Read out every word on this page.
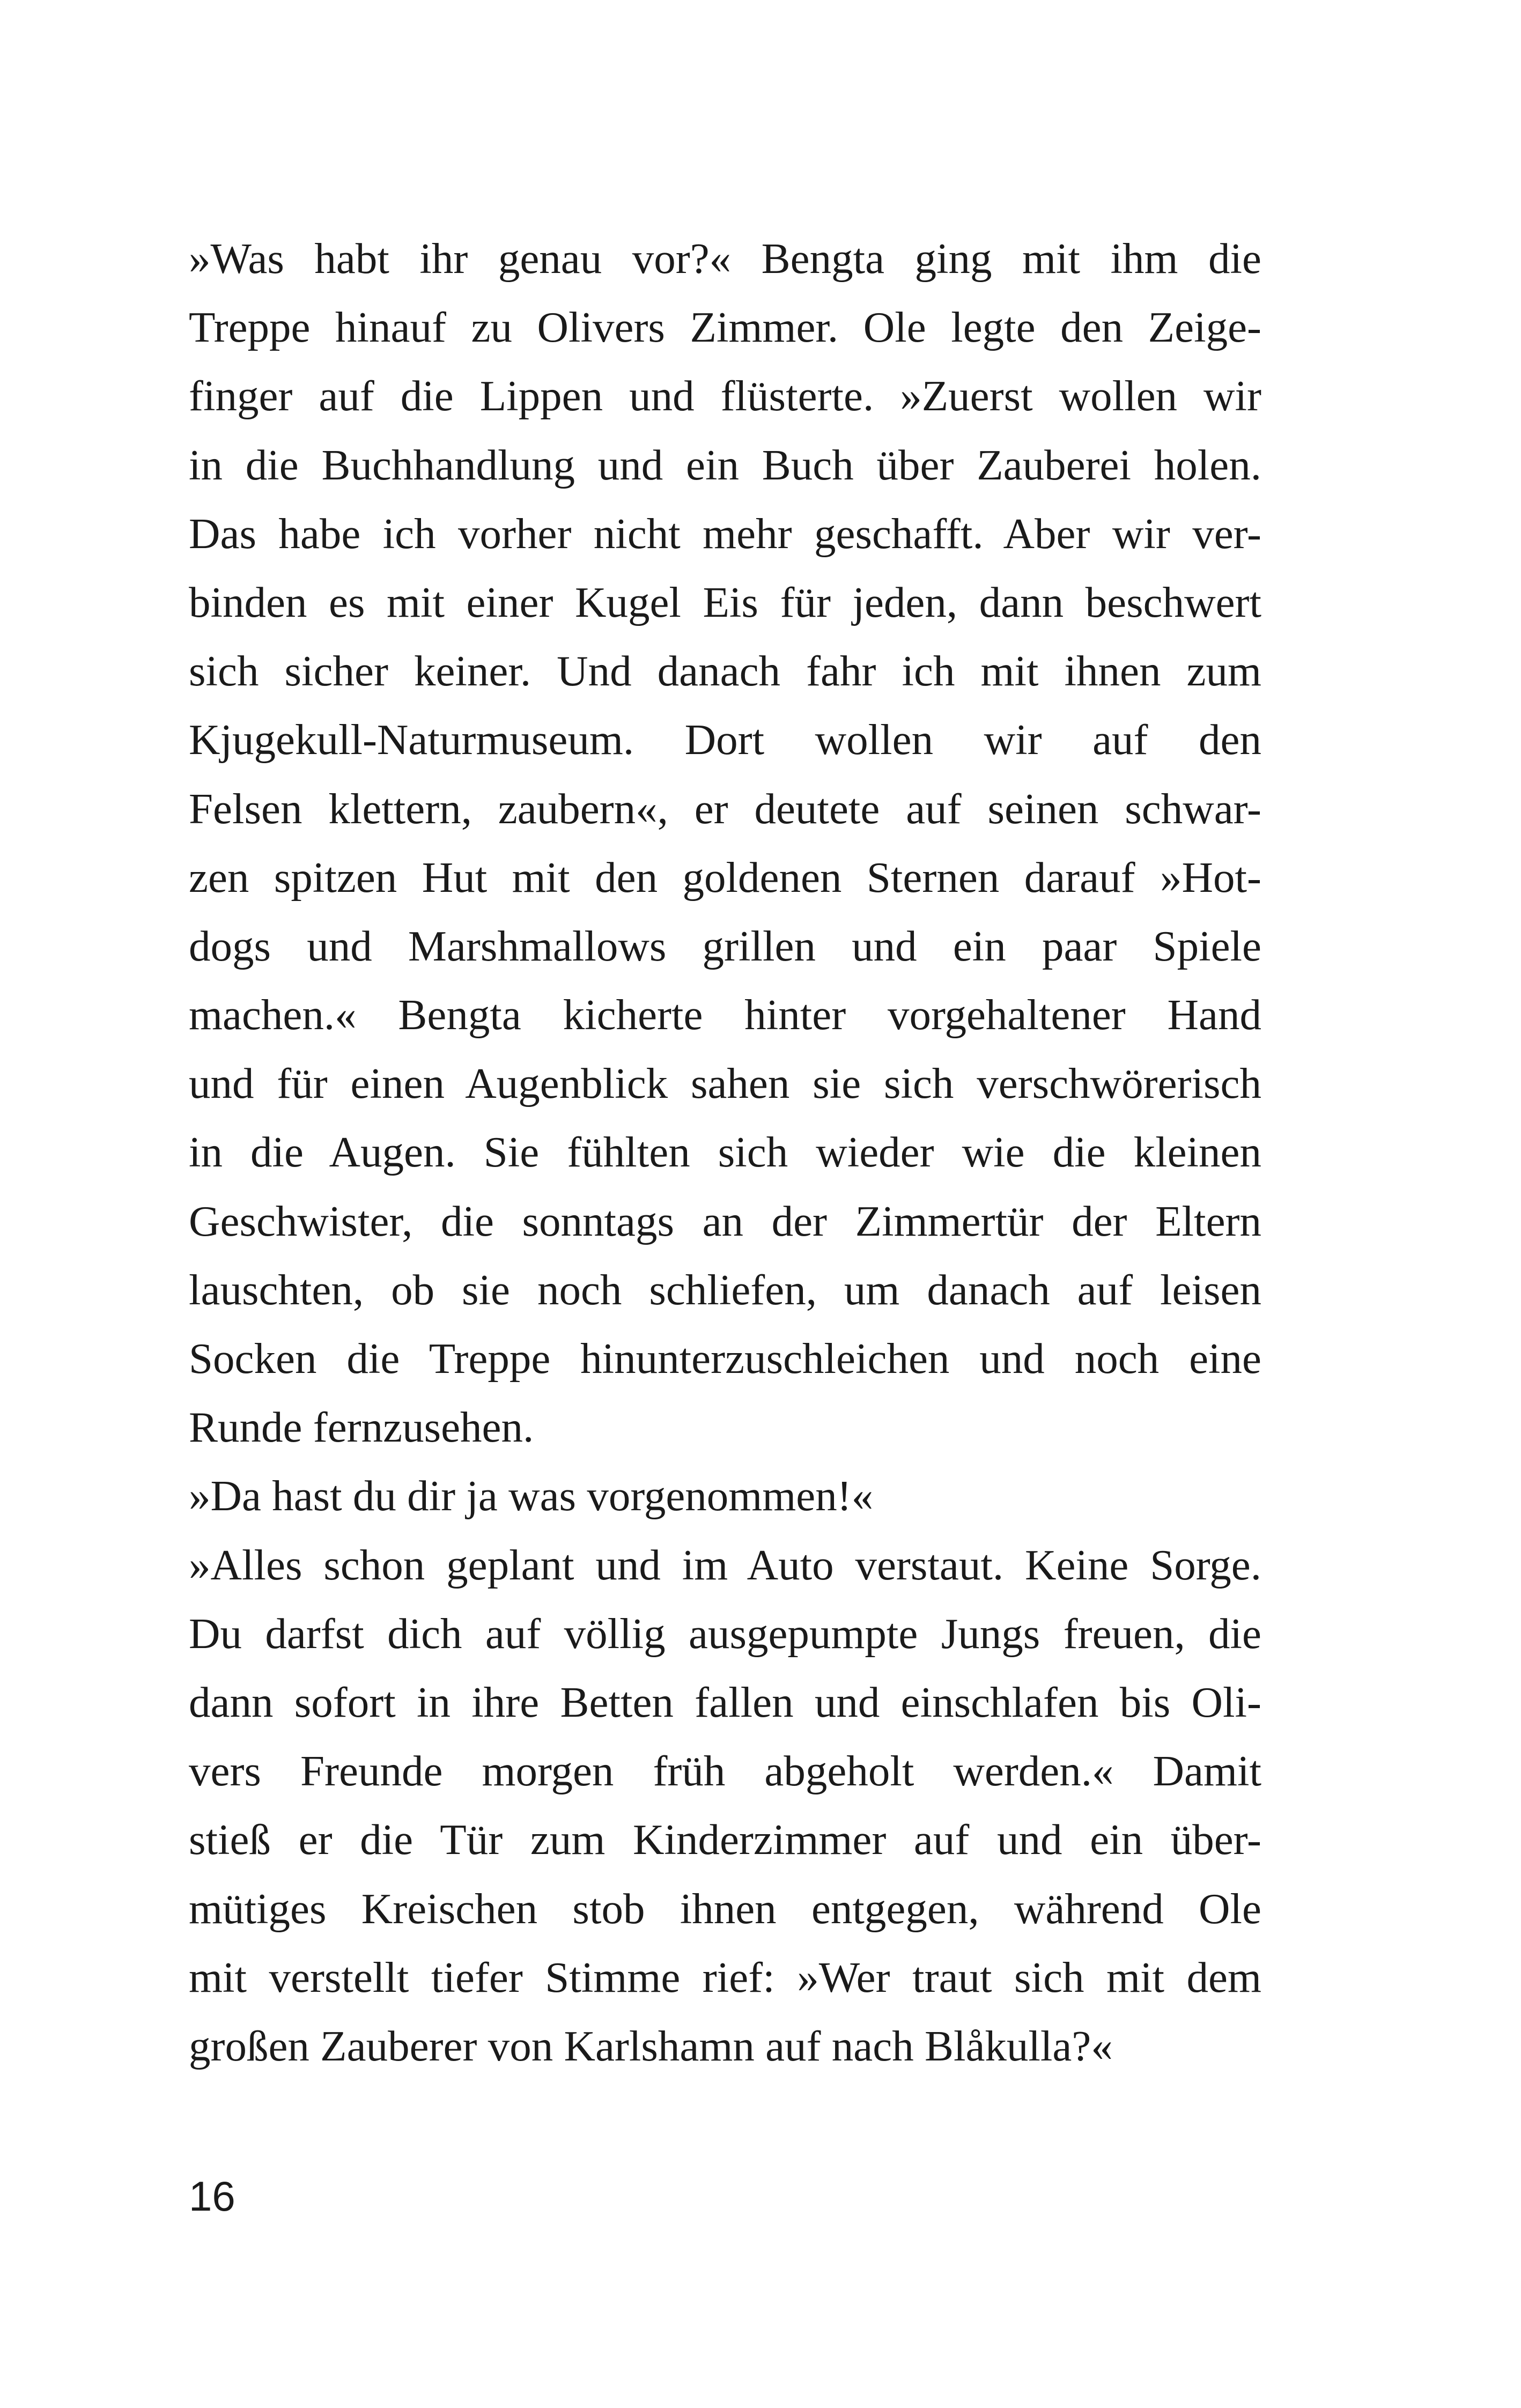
»Was habt ihr genau vor?« Bengta ging mit ihm die
Treppe hinauf zu Olivers Zimmer. Ole legte den Zeige-
finger auf die Lippen und flüsterte. »Zuerst wollen wir
in die Buchhandlung und ein Buch über Zauberei holen.
Das habe ich vorher nicht mehr geschafft. Aber wir ver-
binden es mit einer Kugel Eis für jeden, dann beschwert
sich sicher keiner. Und danach fahr ich mit ihnen zum
Kjugekull-Naturmuseum. Dort wollen wir auf den
Felsen klettern, zaubern«, er deutete auf seinen schwar-
zen spitzen Hut mit den goldenen Sternen darauf »Hot-
dogs und Marshmallows grillen und ein paar Spiele
machen.« Bengta kicherte hinter vorgehaltener Hand
und für einen Augenblick sahen sie sich verschwörerisch
in die Augen. Sie fühlten sich wieder wie die kleinen
Geschwister, die sonntags an der Zimmertür der Eltern
lauschten, ob sie noch schliefen, um danach auf leisen
Socken die Treppe hinunterzuschleichen und noch eine
Runde fernzusehen.
»Da hast du dir ja was vorgenommen!«
»Alles schon geplant und im Auto verstaut. Keine Sorge.
Du darfst dich auf völlig ausgepumpte Jungs freuen, die
dann sofort in ihre Betten fallen und einschlafen bis Oli-
vers Freunde morgen früh abgeholt werden.« Damit
stieß er die Tür zum Kinderzimmer auf und ein über-
mütiges Kreischen stob ihnen entgegen, während Ole
mit verstellt tiefer Stimme rief: »Wer traut sich mit dem
großen Zauberer von Karlshamn auf nach Blåkulla?«
16
